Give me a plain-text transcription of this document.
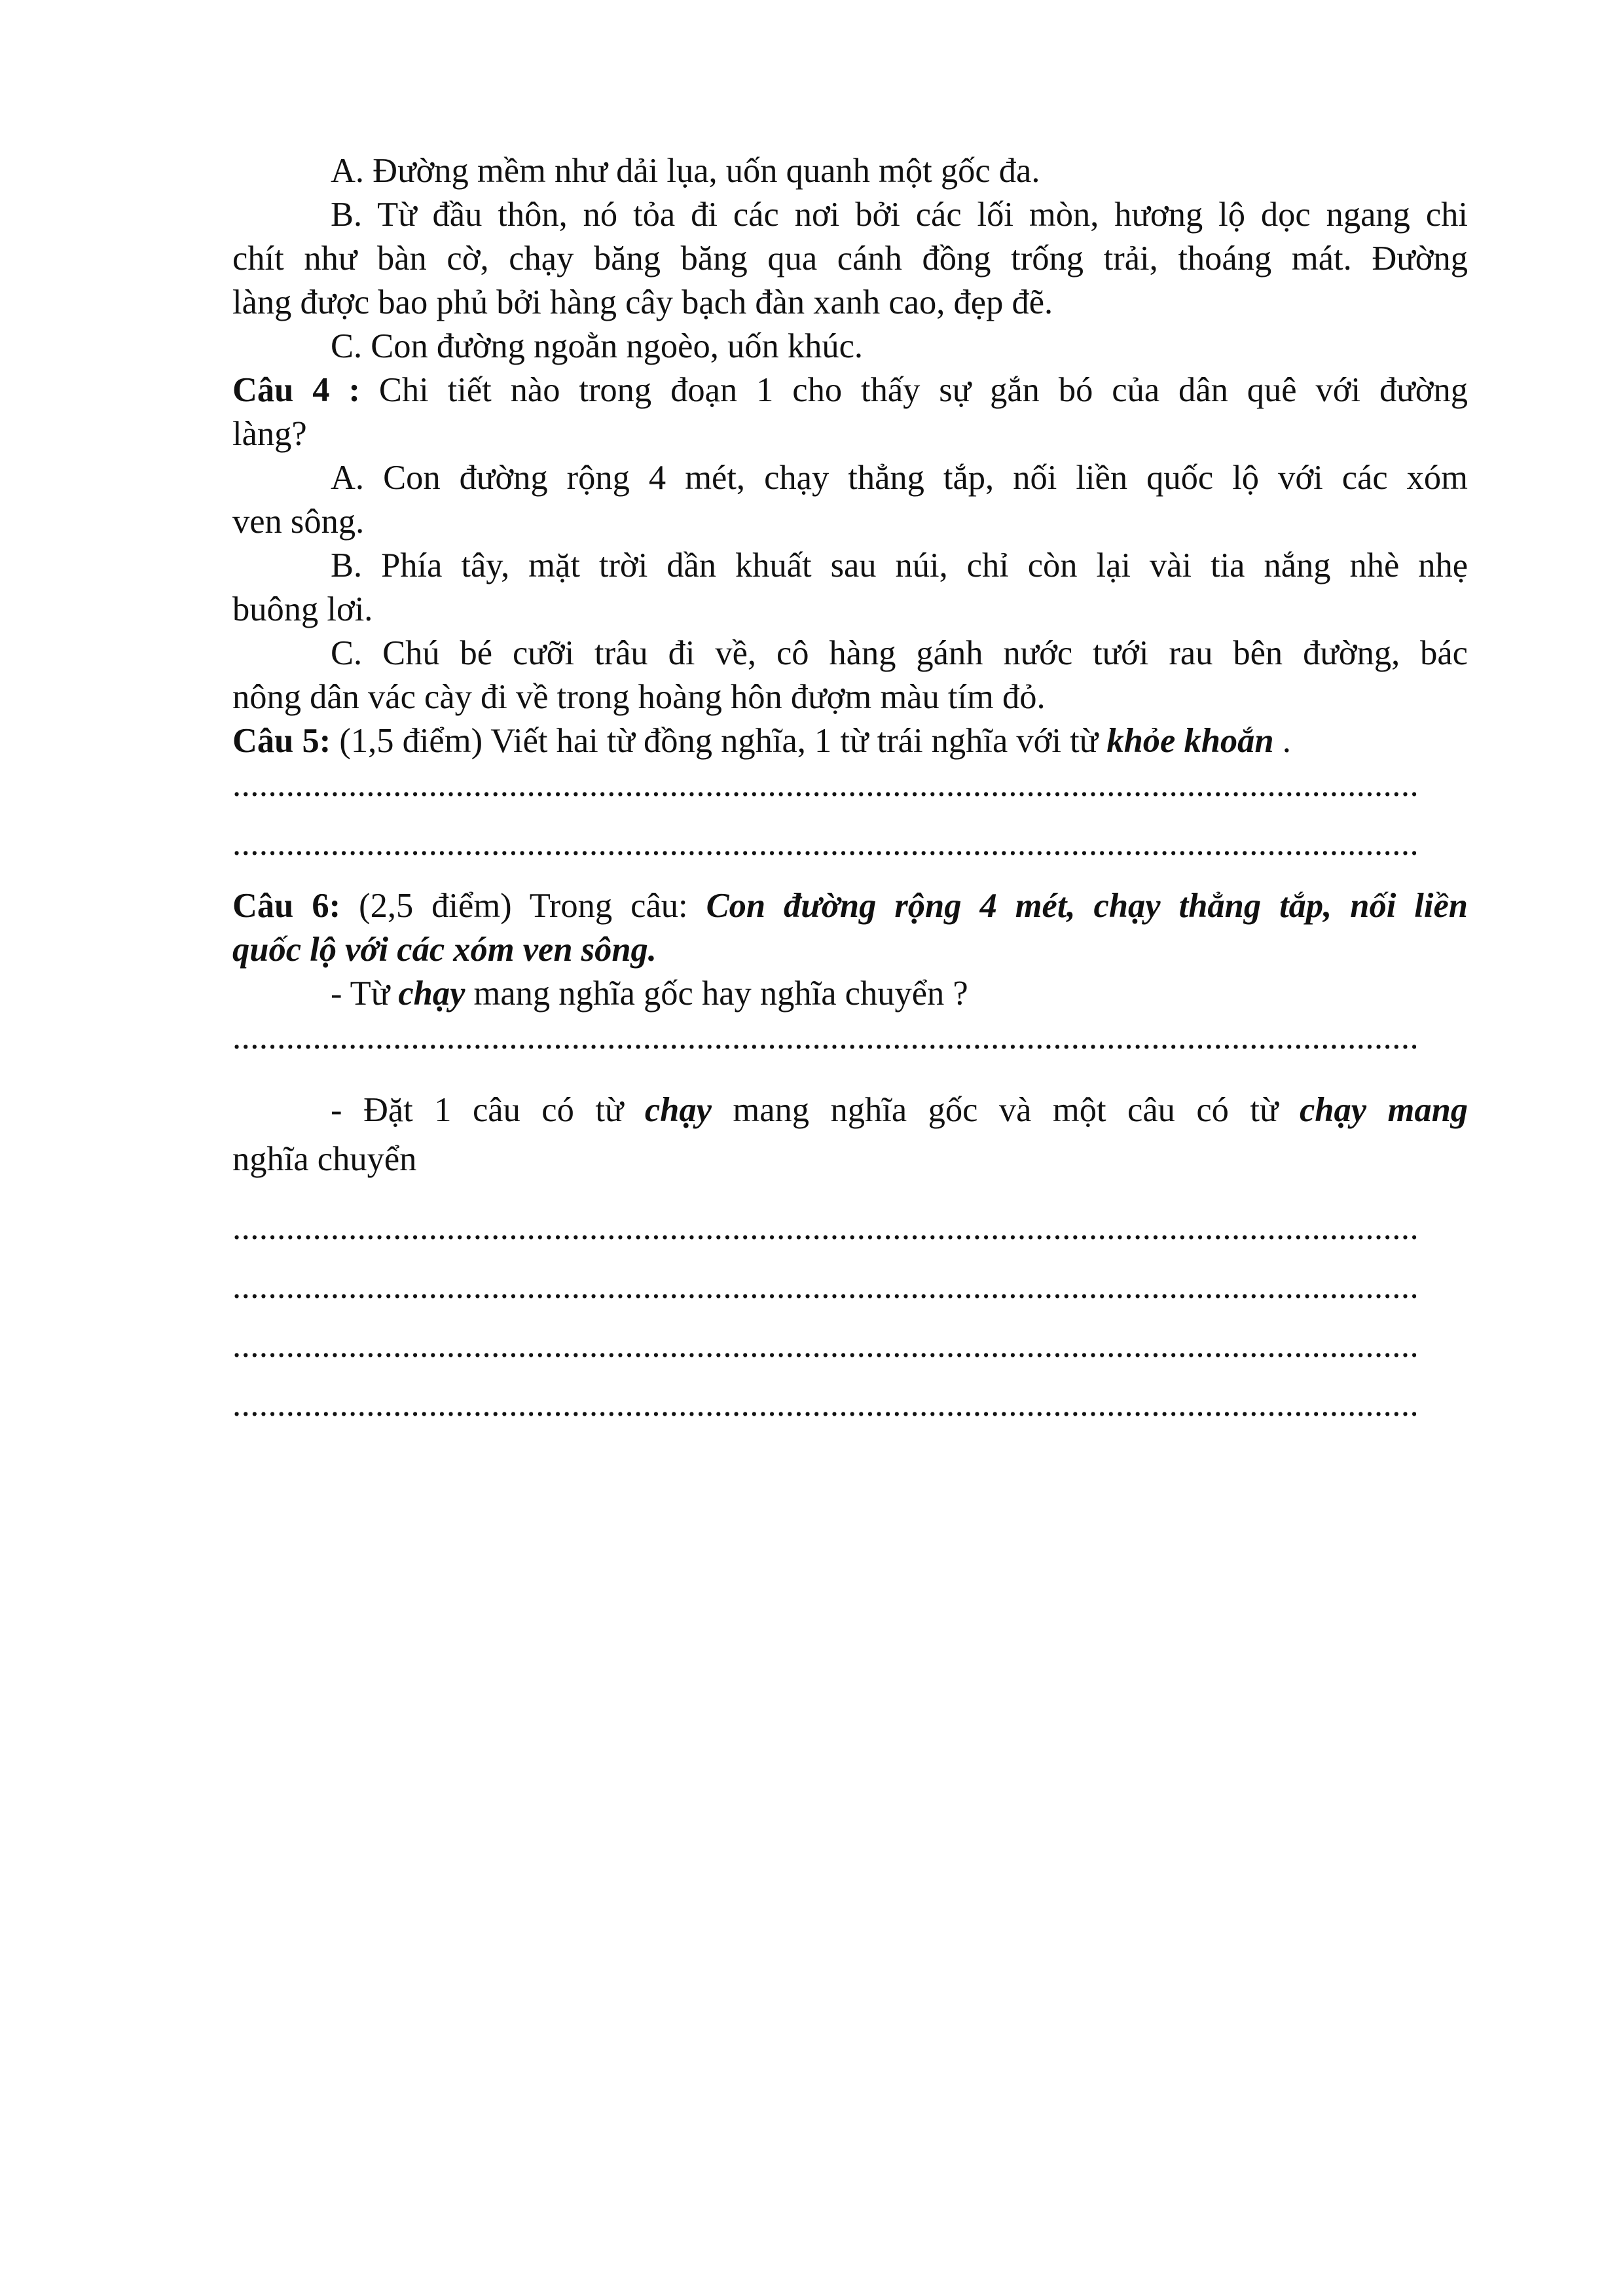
A. Đường mềm như dải lụa, uốn quanh một gốc đa.

B. Từ đầu thôn, nó tỏa đi các nơi bởi các lối mòn, hương lộ dọc ngang chi

chít như bàn cờ, chạy băng băng qua cánh đồng trống trải, thoáng mát. Đường

làng được bao phủ bởi hàng cây bạch đàn xanh cao, đẹp đẽ.

C. Con đường ngoằn ngoèo, uốn khúc.

Câu 4 : Chi tiết nào trong đoạn 1 cho thấy sự gắn bó của dân quê với đường

làng?

A. Con đường rộng 4 mét, chạy thẳng tắp, nối liền quốc lộ với các xóm

ven sông.

B. Phía tây, mặt trời dần khuất sau núi, chỉ còn lại vài tia nắng nhè nhẹ

buông lơi.

C. Chú bé cưỡi trâu đi về, cô hàng gánh nước tưới rau bên đường, bác

nông dân vác cày đi về trong hoàng hôn đượm màu tím đỏ.

Câu 5: (1,5 điểm) Viết hai từ đồng nghĩa, 1 từ trái nghĩa với từ khỏe khoắn .

.....................................................................................................................................

.....................................................................................................................................

Câu 6: (2,5 điểm) Trong câu: Con đường rộng 4 mét, chạy thẳng tắp, nối liền

quốc lộ với các xóm ven sông.

- Từ chạy mang nghĩa gốc hay nghĩa chuyển ?

.....................................................................................................................................

- Đặt 1 câu có từ chạy mang nghĩa gốc và một câu có từ chạy mang

nghĩa chuyển

.....................................................................................................................................

.....................................................................................................................................

.....................................................................................................................................

.....................................................................................................................................
